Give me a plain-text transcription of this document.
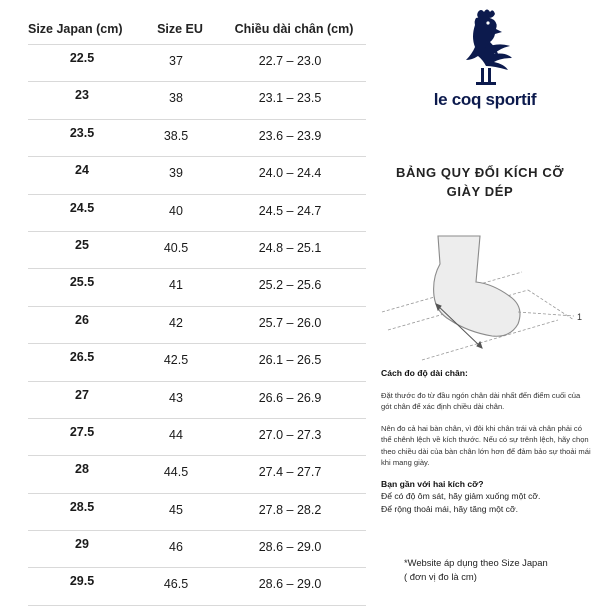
Size Japan (cm)	Size EU	Chiều dài chân (cm)
22.5	37	22.7 – 23.0
23	38	23.1 – 23.5
23.5	38.5	23.6 – 23.9
24	39	24.0 – 24.4
24.5	40	24.5 – 24.7
25	40.5	24.8 – 25.1
25.5	41	25.2 – 25.6
26	42	25.7 – 26.0
26.5	42.5	26.1 – 26.5
27	43	26.6 – 26.9
27.5	44	27.0 – 27.3
28	44.5	27.4 – 27.7
28.5	45	27.8 – 28.2
29	46	28.6 – 29.0
29.5	46.5	28.6 – 29.0
le coq sportif
BẢNG QUY ĐỔI KÍCH CỠ
GIÀY DÉP
1
Cách đo độ dài chân:

Đặt thước đo từ đầu ngón chân dài nhất đến điểm cuối của gót chân để xác định chiều dài chân.

Nên đo cả hai bàn chân, vì đôi khi chân trái và chân phải có thể chênh lệch về kích thước. Nếu có sự trênh lệch, hãy chọn theo chiều dài của bàn chân lớn hơn để đảm bảo sự thoải mái khi mang giày.

Bạn gần với hai kích cỡ?
Để có độ ôm sát, hãy giảm xuống một cỡ.
Để rộng thoải mái, hãy tăng một cỡ.
*Website áp dụng theo Size Japan
( đơn vị đo là cm)
